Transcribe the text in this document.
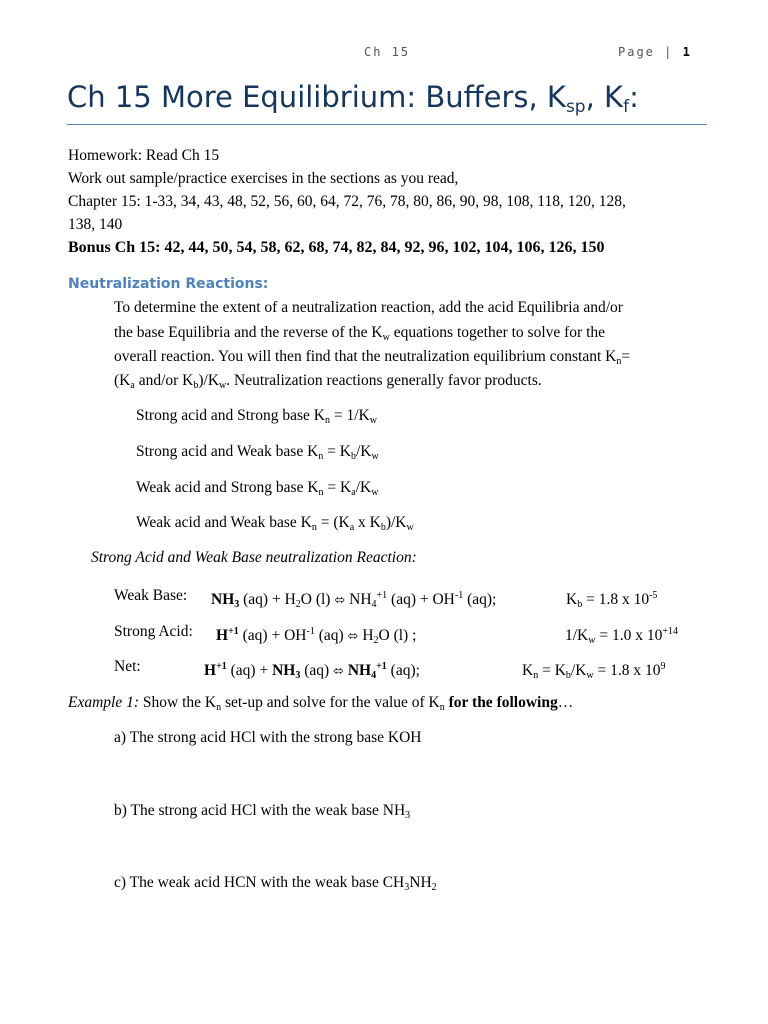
Ch 15	Page | 1
Ch 15 More Equilibrium: Buffers, $K_{sp}$, $K_f$:
Homework: Read Ch 15
Work out sample/practice exercises in the sections as you read,
Chapter 15: 1-33, 34, 43, 48, 52, 56, 60, 64, 72, 76, 78, 80, 86, 90, 98, 108, 118, 120, 128,
138, 140
Bonus Ch 15: 42, 44, 50, 54, 58, 62, 68, 74, 82, 84, 92, 96, 102, 104, 106, 126, 150
Neutralization Reactions:
To determine the extent of a neutralization reaction, add the acid Equilibria and/or
the base Equilibria and the reverse of the $K_w$ equations together to solve for the
overall reaction. You will then find that the neutralization equilibrium constant $K_n=$
($K_a$ and/or $K_b)/K_w$. Neutralization reactions generally favor products.
Strong acid and Strong base $K_n = 1/K_w$
Strong acid and Weak base $K_n = K_b/K_w$
Weak acid and Strong base $K_n = K_a/K_w$
Weak acid and Weak base $K_n = (K_a$ x $K_b)/K_w$
Strong Acid and Weak Base neutralization Reaction:
Weak Base: $NH_3$ $(aq) + H_2O$ (l) ⬄ $NH_4^{+1}$ $(aq) + OH^{-1}$ (aq);	$K_b = 1.8$ x $10^{-5}$
Strong Acid: $H^{+1}$ $(aq) + OH^{-1}$ (aq) ⬄ $H_2O$ (l) ;	$1/K_w = 1.0$ x $10^{+14}$
Net:	$H^{+1}$ $(aq) + NH_3$ (aq) ⬄ $NH_4^{+1}$ (aq);	$K_n = K_b/K_w = 1.8$ x $10^9$
Example 1: Show the $K_n$ set-up and solve for the value of $K_n$ for the following…
a) The strong acid HCl with the strong base KOH
b) The strong acid HCl with the weak base $NH_3$
c) The weak acid HCN with the weak base $CH_3NH_2$
